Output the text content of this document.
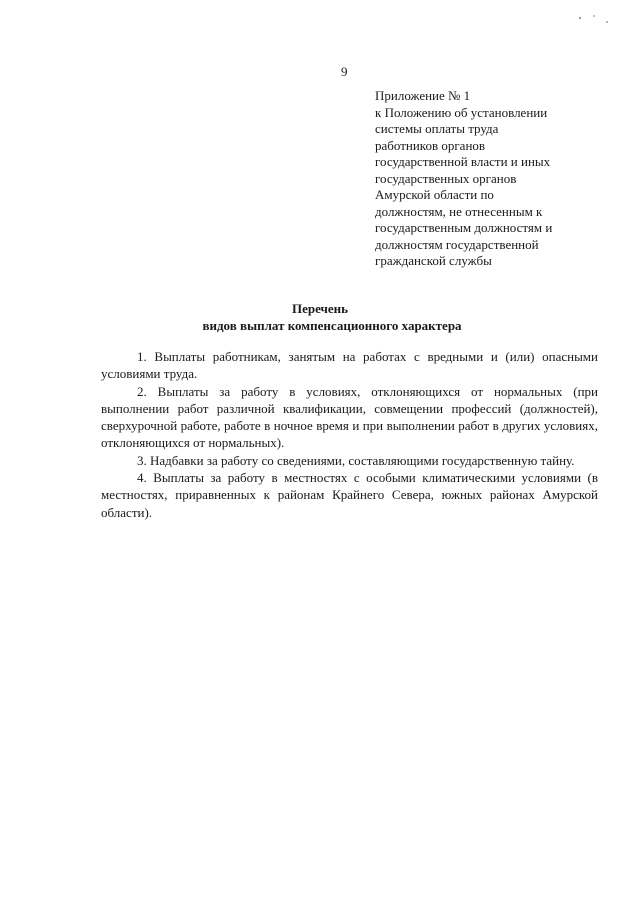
9
Приложение № 1
к Положению об установлении
системы оплаты труда
работников органов
государственной власти и иных
государственных органов
Амурской области по
должностям, не отнесенным к
государственным должностям и
должностям государственной
гражданской службы
Перечень
видов выплат компенсационного характера

1. Выплаты работникам, занятым на работах с вредными и (или) опасными условиями труда.

2. Выплаты за работу в условиях, отклоняющихся от нормальных (при выполнении работ различной квалификации, совмещении профессий (должностей), сверхурочной работе, работе в ночное время и при выполнении работ в других условиях, отклоняющихся от нормальных).

3. Надбавки за работу со сведениями, составляющими государственную тайну.

4. Выплаты за работу в местностях с особыми климатическими условиями (в местностях, приравненных к районам Крайнего Севера, южных районах Амурской области).
